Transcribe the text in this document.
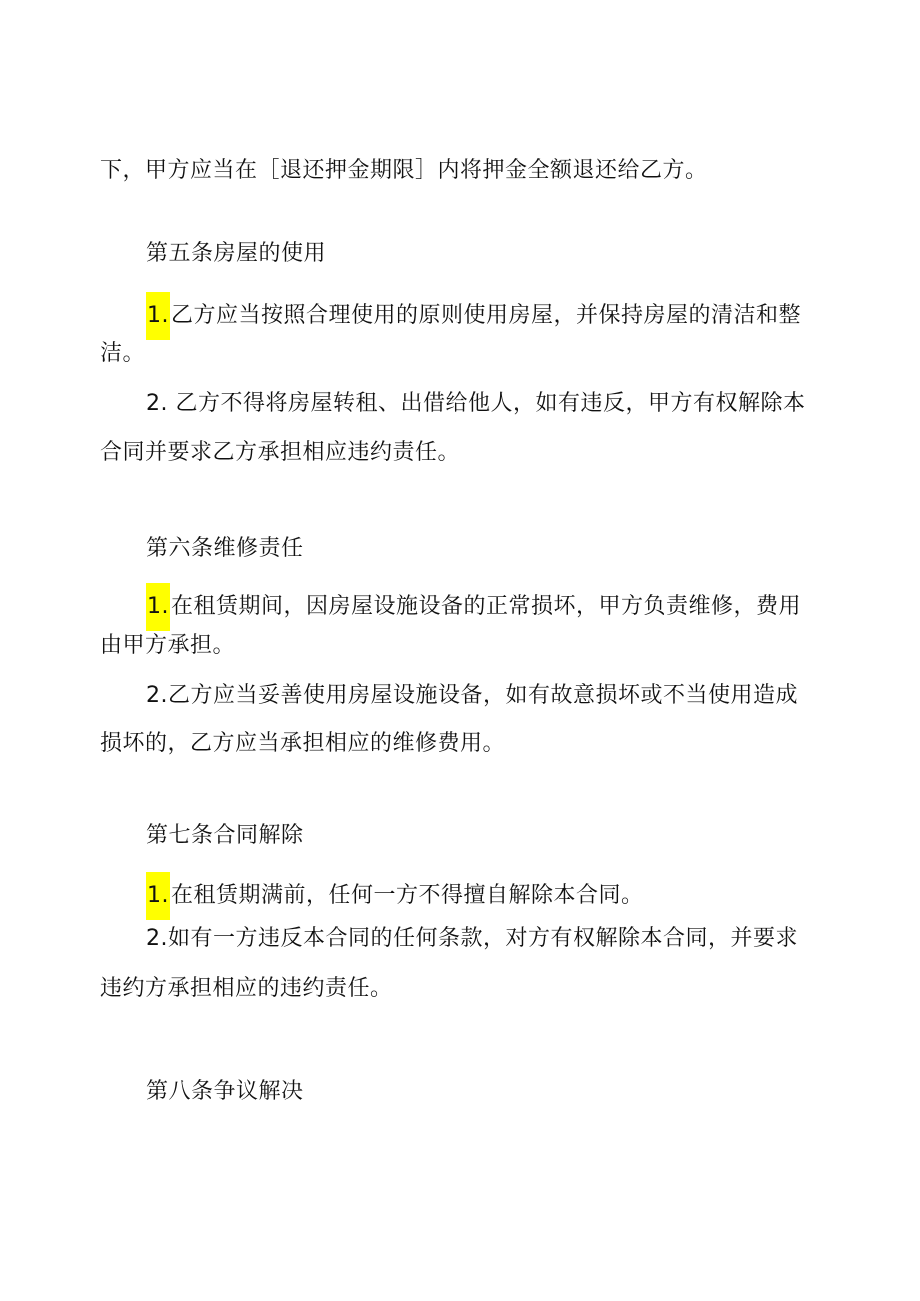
下，甲方应当在［退还押金期限］内将押金全额退还给乙方。
第五条房屋的使用
1.乙方应当按照合理使用的原则使用房屋，并保持房屋的清洁和整
洁。
2. 乙方不得将房屋转租、出借给他人，如有违反，甲方有权解除本
合同并要求乙方承担相应违约责任。
第六条维修责任
1.在租赁期间，因房屋设施设备的正常损坏，甲方负责维修，费用
由甲方承担。
2.乙方应当妥善使用房屋设施设备，如有故意损坏或不当使用造成
损坏的，乙方应当承担相应的维修费用。
第七条合同解除
1.在租赁期满前，任何一方不得擅自解除本合同。
2.如有一方违反本合同的任何条款，对方有权解除本合同，并要求
违约方承担相应的违约责任。
第八条争议解决
